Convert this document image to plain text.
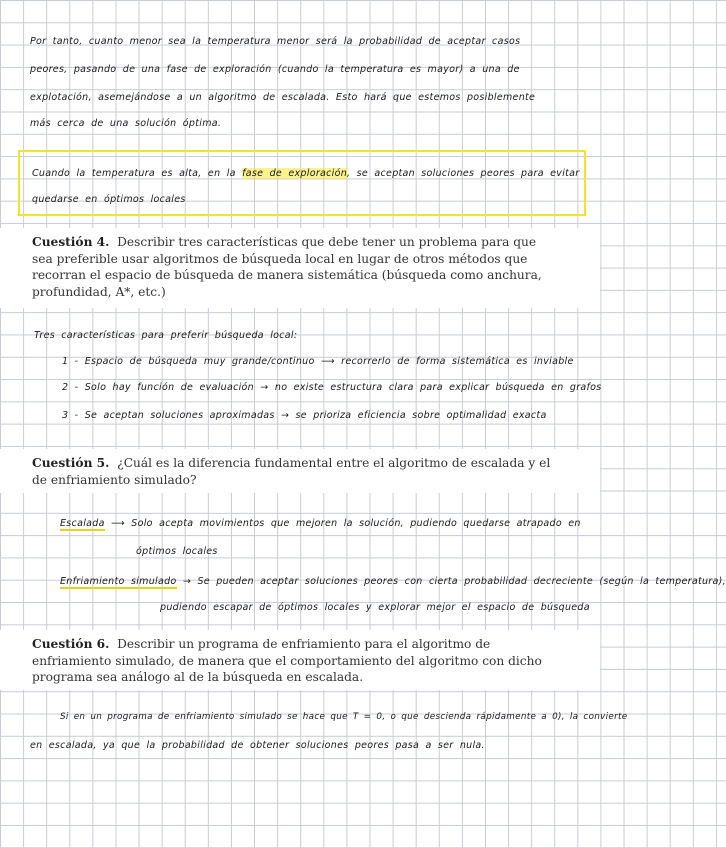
Por tanto, cuanto menor sea la temperatura menor será la probabilidad de aceptar casos
peores, pasando de una fase de exploración (cuando la temperatura es mayor) a una de
explotación, asemejándose a un algoritmo de escalada. Esto hará que estemos posiblemente
más cerca de una solución óptima.
Cuando la temperatura es alta, en la fase de exploración, se aceptan soluciones peores para evitar
quedarse en óptimos locales
Cuestión 4. Describir tres características que debe tener un problema para que sea preferible usar algoritmos de búsqueda local en lugar de otros métodos que recorran el espacio de búsqueda de manera sistemática (búsqueda como anchura, profundidad, A*, etc.)
Tres características para preferir búsqueda local:
1 - Espacio de búsqueda muy grande/continuo ⟶ recorrerlo de forma sistemática es inviable
2 - Solo hay función de evaluación → no existe estructura clara para explicar búsqueda en grafos
3 - Se aceptan soluciones aproximadas → se prioriza eficiencia sobre optimalidad exacta
Cuestión 5. ¿Cuál es la diferencia fundamental entre el algoritmo de escalada y el de enfriamiento simulado?
Escalada ⟶ Solo acepta movimientos que mejoren la solución, pudiendo quedarse atrapado en
óptimos locales
Enfriamiento simulado → Se pueden aceptar soluciones peores con cierta probabilidad decreciente (según la temperatura),
pudiendo escapar de óptimos locales y explorar mejor el espacio de búsqueda
Cuestión 6. Describir un programa de enfriamiento para el algoritmo de enfriamiento simulado, de manera que el comportamiento del algoritmo con dicho programa sea análogo al de la búsqueda en escalada.
Si en un programa de enfriamiento simulado se hace que T = 0, o que descienda rápidamente a 0), la convierte
en escalada, ya que la probabilidad de obtener soluciones peores pasa a ser nula.
